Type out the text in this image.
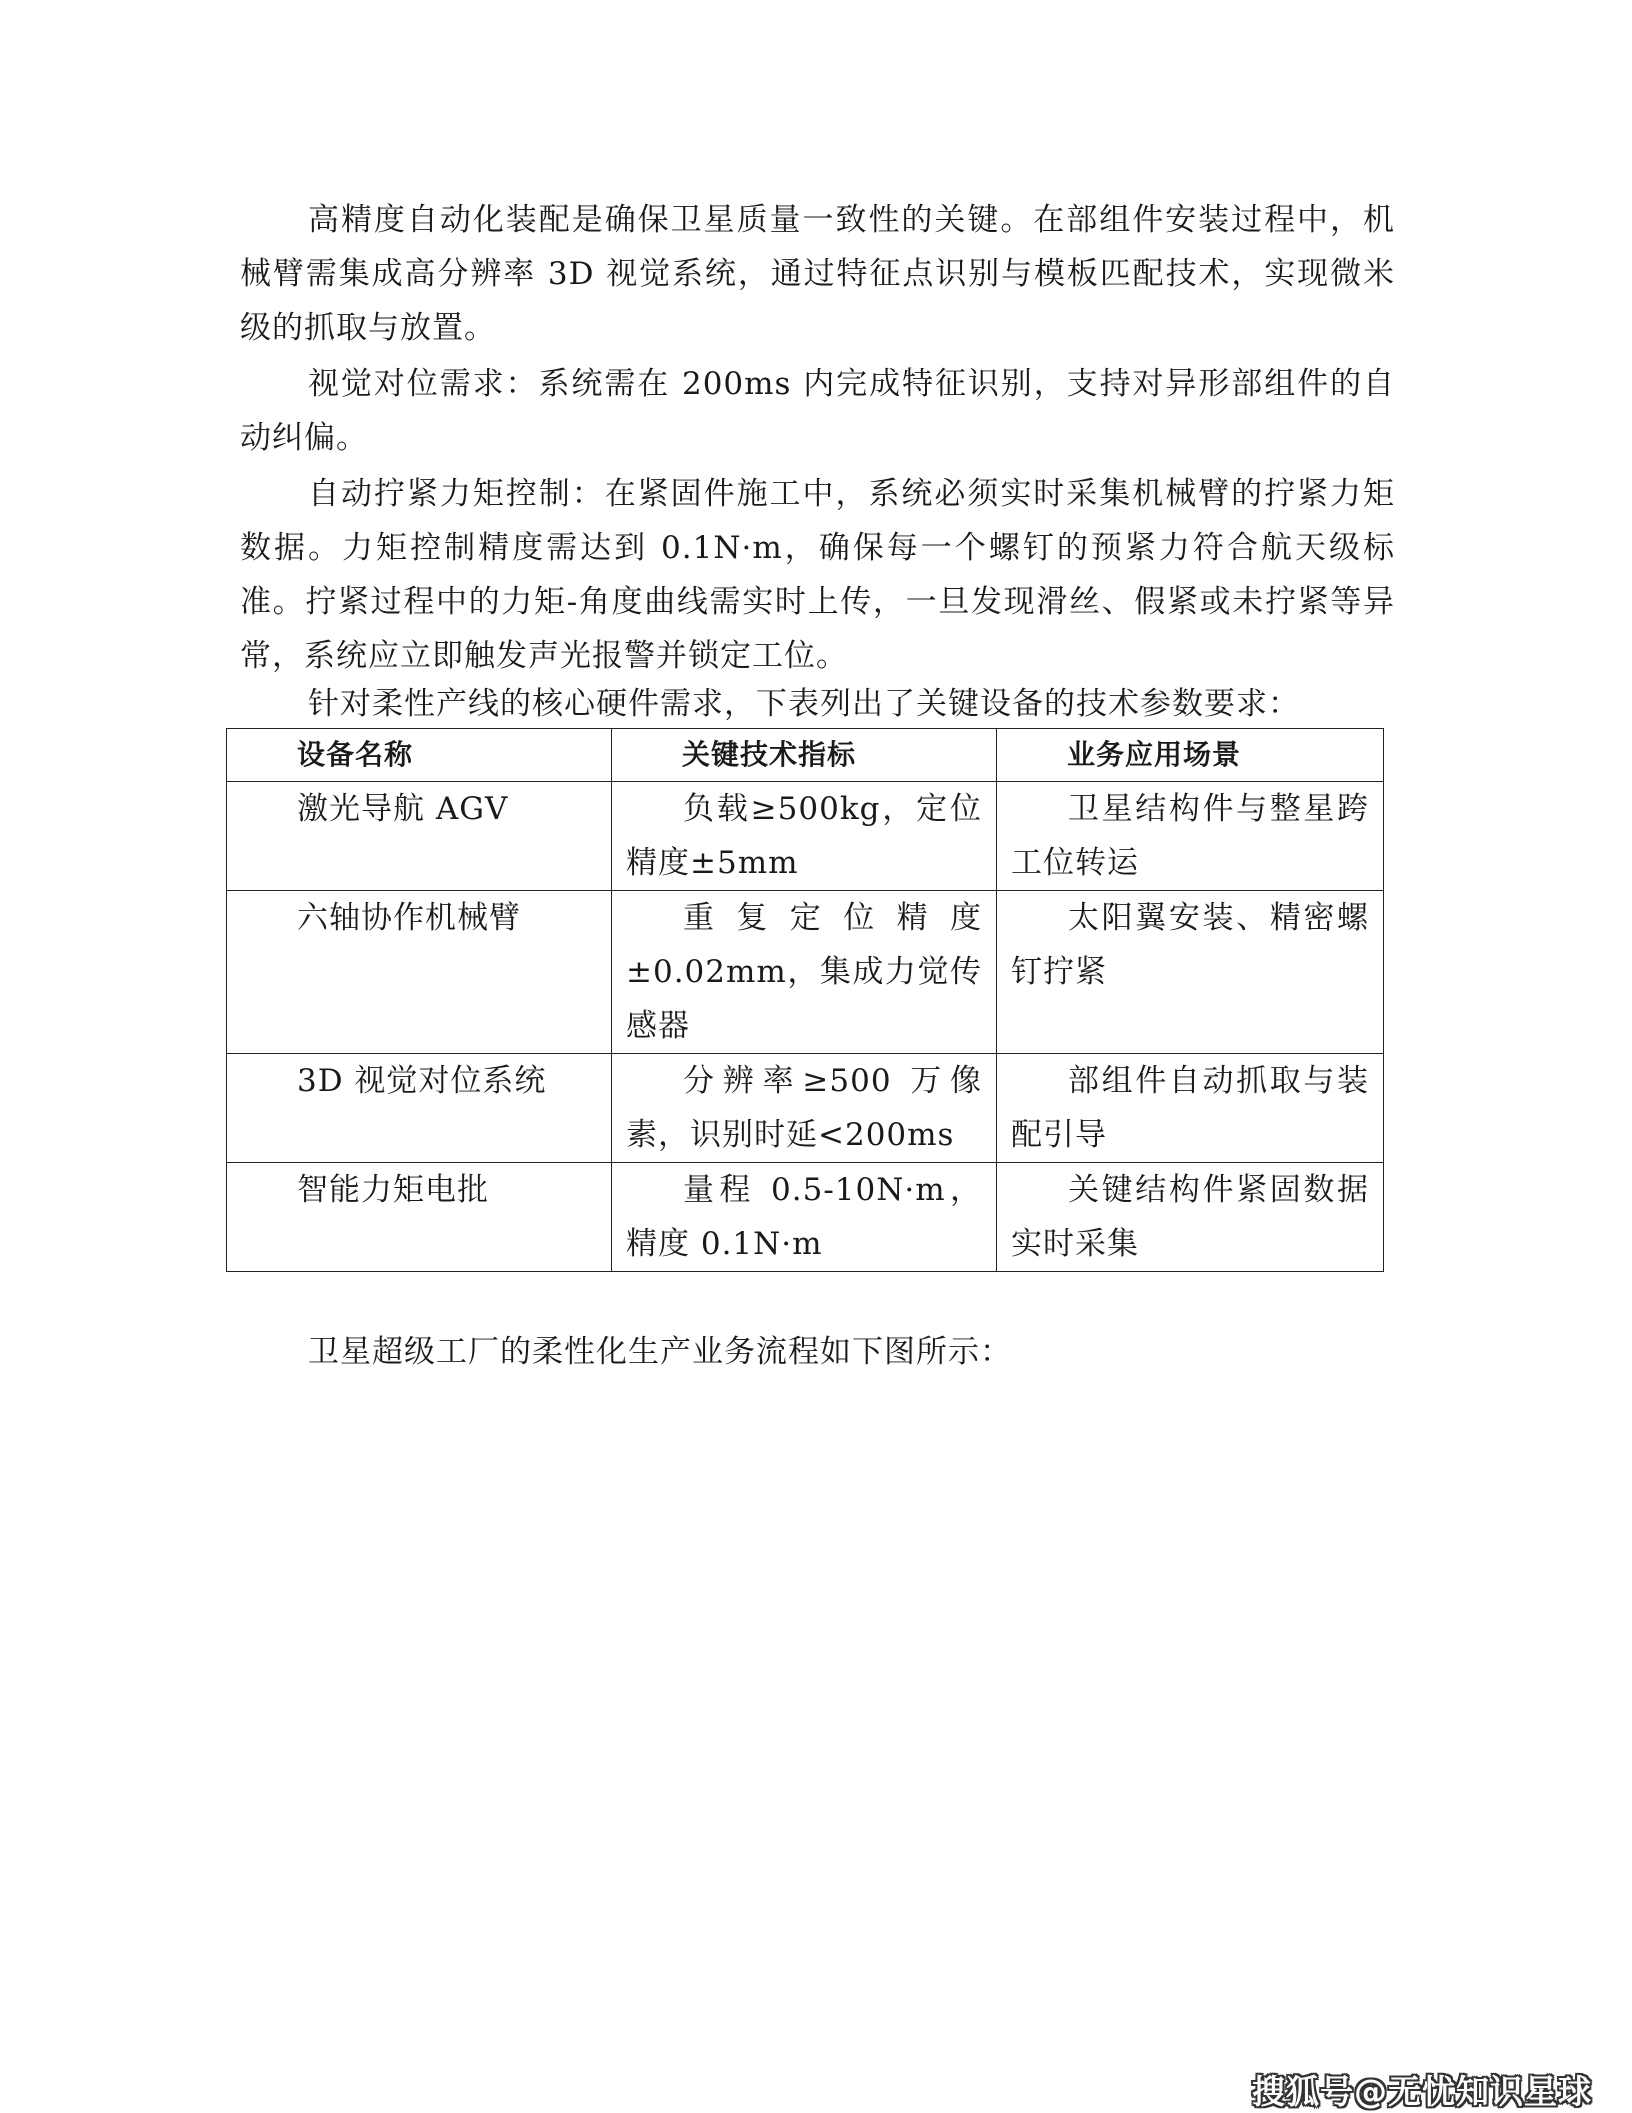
高精度自动化装配是确保卫星质量一致性的关键。在部组件安装过程中，机械臂需集成高分辨率 3D 视觉系统，通过特征点识别与模板匹配技术，实现微米级的抓取与放置。

视觉对位需求：系统需在 200ms 内完成特征识别，支持对异形部组件的自动纠偏。

自动拧紧力矩控制：在紧固件施工中，系统必须实时采集机械臂的拧紧力矩数据。力矩控制精度需达到 0.1N·m，确保每一个螺钉的预紧力符合航天级标准。拧紧过程中的力矩-角度曲线需实时上传，一旦发现滑丝、假紧或未拧紧等异常，系统应立即触发声光报警并锁定工位。

针对柔性产线的核心硬件需求，下表列出了关键设备的技术参数要求：

设备名称	关键技术指标	业务应用场景
激光导航 AGV	负载≥500kg，定位精度±5mm	卫星结构件与整星跨工位转运
六轴协作机械臂	重复定位精度±0.02mm，集成力觉传感器	太阳翼安装、精密螺钉拧紧
3D 视觉对位系统	分辨率≥500 万像素，识别时延<200ms	部组件自动抓取与装配引导
智能力矩电批	量程 0.5-10N·m，精度 0.1N·m	关键结构件紧固数据实时采集

卫星超级工厂的柔性化生产业务流程如下图所示：

搜狐号@无忧知识星球
